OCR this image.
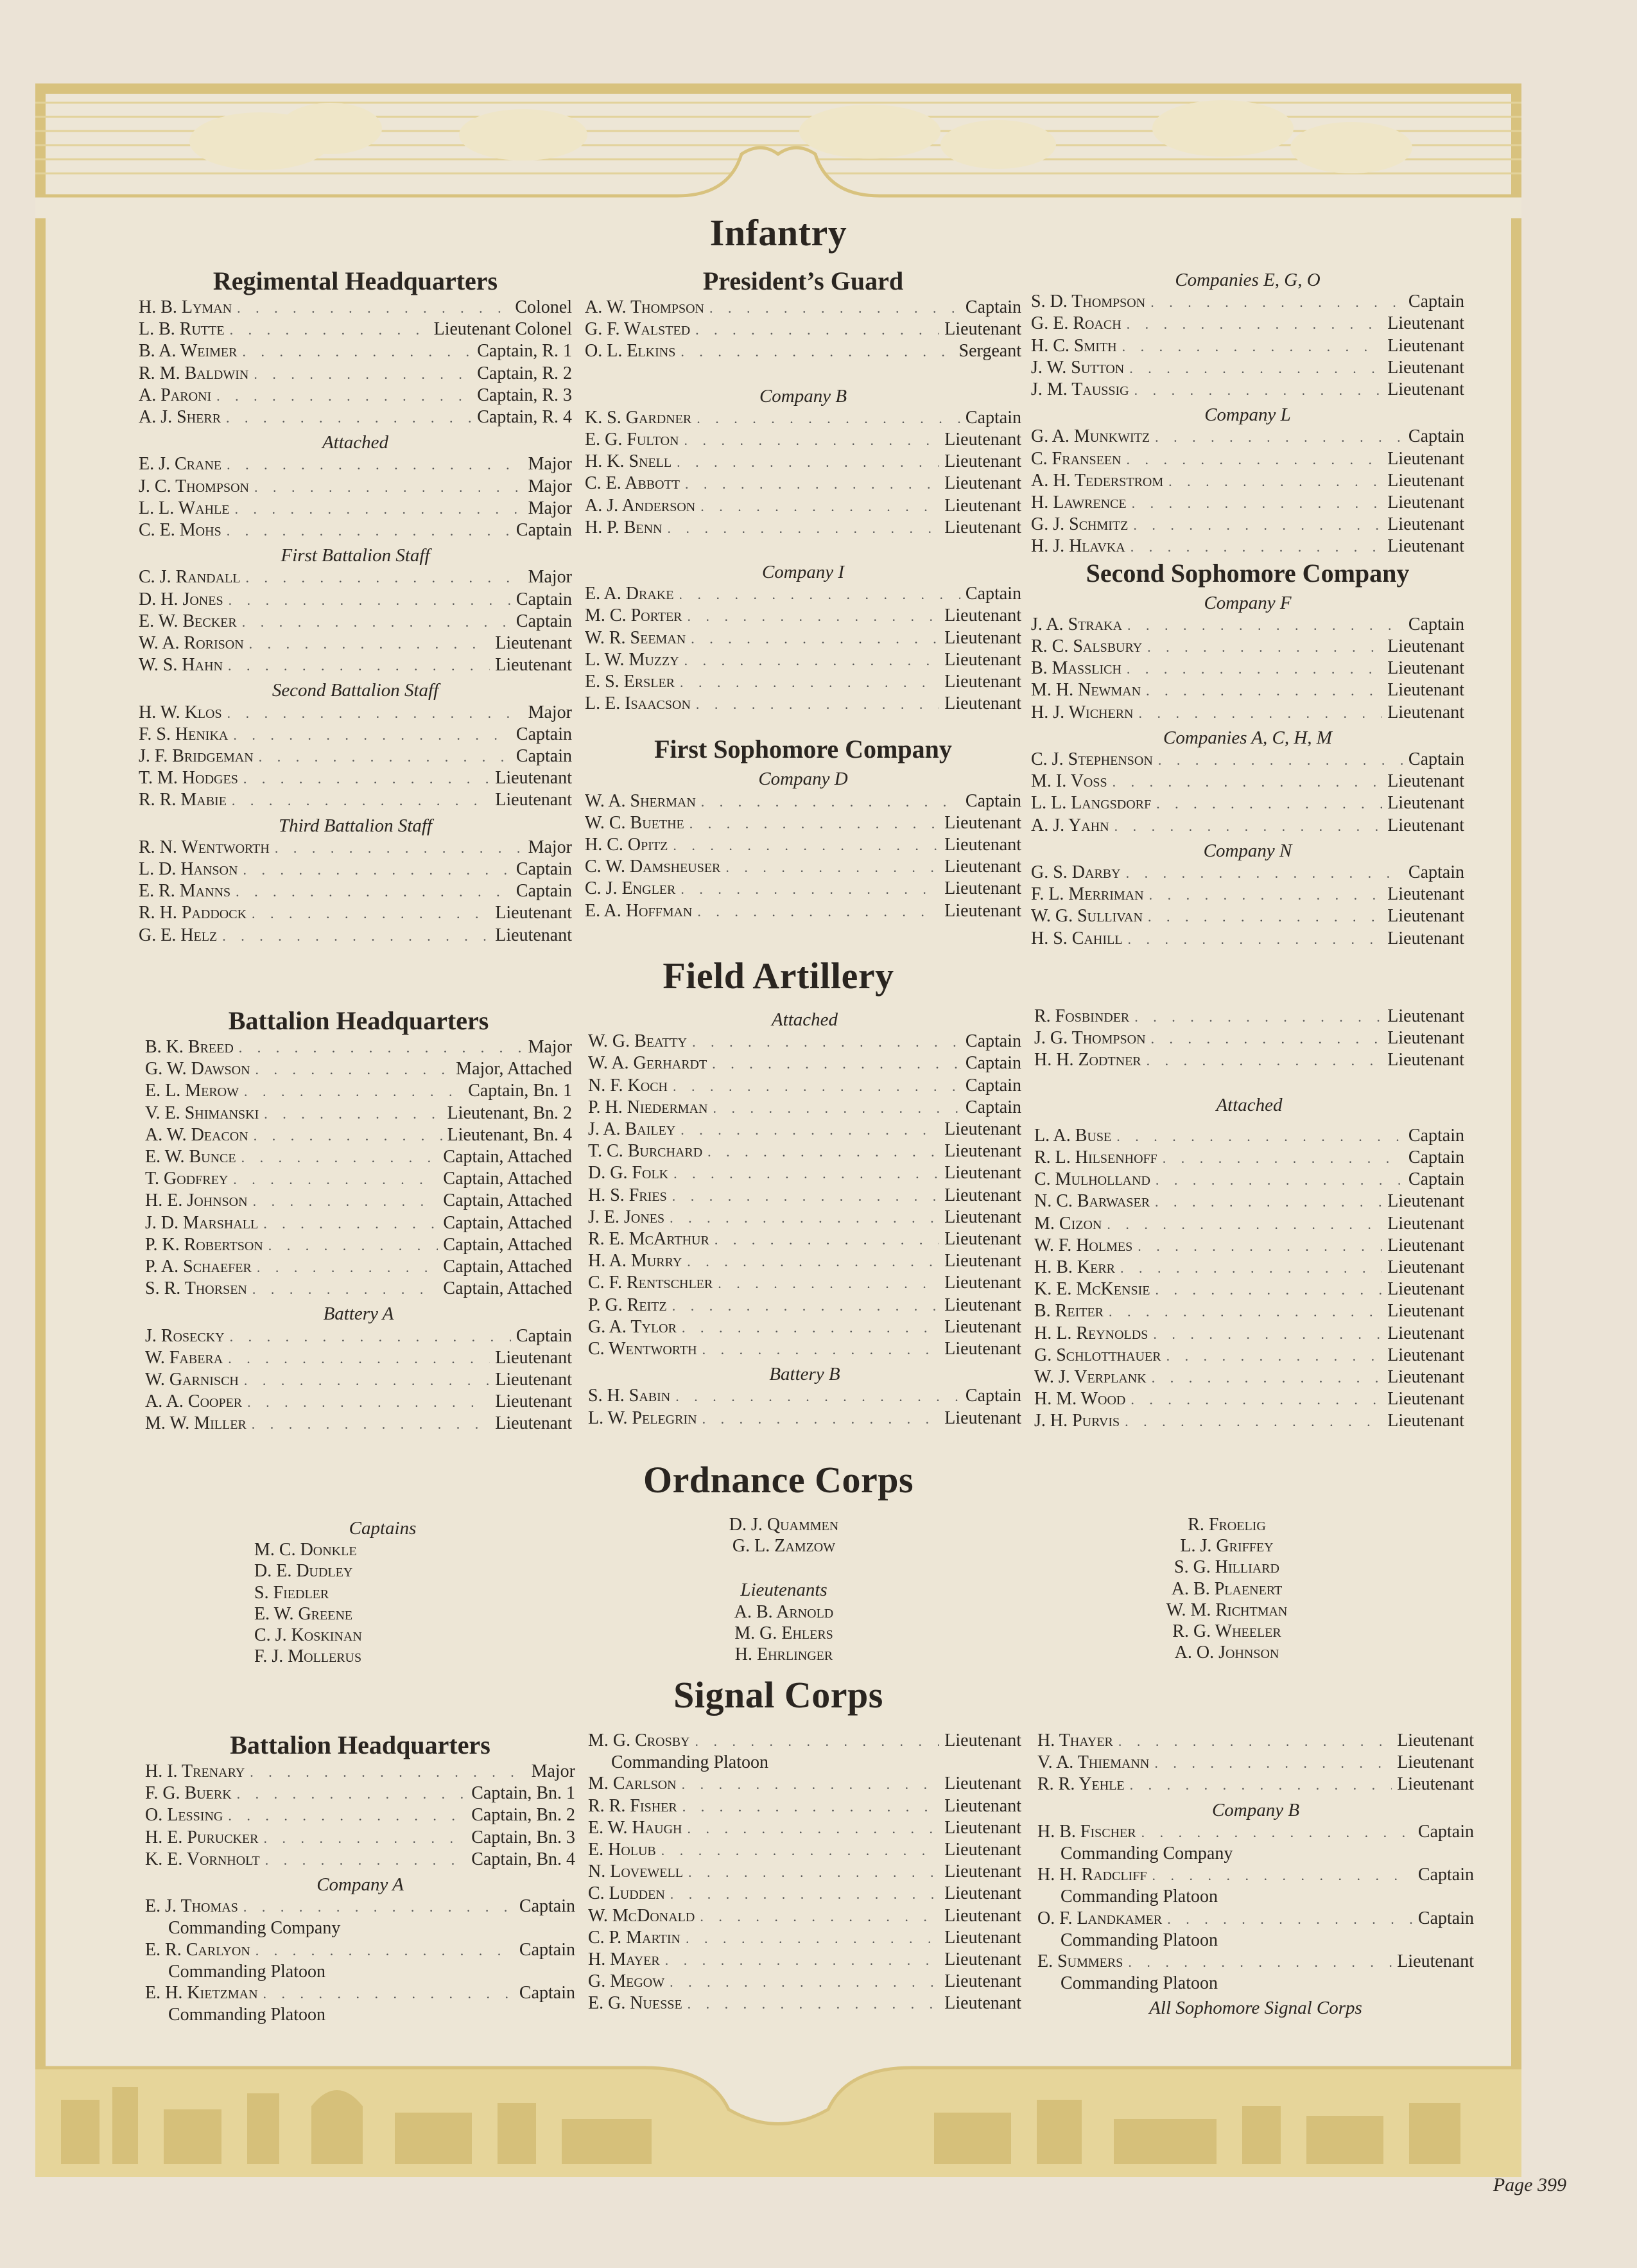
Infantry
Regimental Headquarters
H. B. Lyman . . .	Colonel
L. B. Rutte . . .	Lieutenant Colonel
B. A. Weimer . . .	Captain, R. 1
R. M. Baldwin . . .	Captain, R. 2
A. Paroni . . .	Captain, R. 3
A. J. Sherr . . .	Captain, R. 4
Attached
E. J. Crane . . .	Major
J. C. Thompson . . .	Major
L. L. Wahle . . .	Major
C. E. Mohs . . .	Captain
First Battalion Staff
C. J. Randall . . .	Major
D. H. Jones . . .	Captain
E. W. Becker . . .	Captain
W. A. Rorison . . .	Lieutenant
W. S. Hahn . . .	Lieutenant
Second Battalion Staff
H. W. Klos . . .	Major
F. S. Henika . . .	Captain
J. F. Bridgeman . . .	Captain
T. M. Hodges . . .	Lieutenant
R. R. Mabie . . .	Lieutenant
Third Battalion Staff
R. N. Wentworth . . .	Major
L. D. Hanson . . .	Captain
E. R. Manns . . .	Captain
R. H. Paddock . . .	Lieutenant
G. E. Helz . . .	Lieutenant
President’s Guard
A. W. Thompson . . .	Captain
G. F. Walsted . . .	Lieutenant
O. L. Elkins . . .	Sergeant
Company B
K. S. Gardner . . .	Captain
E. G. Fulton . . .	Lieutenant
H. K. Snell . . .	Lieutenant
C. E. Abbott . . .	Lieutenant
A. J. Anderson . . .	Lieutenant
H. P. Benn . . .	Lieutenant
Company I
E. A. Drake . . .	Captain
M. C. Porter . . .	Lieutenant
W. R. Seeman . . .	Lieutenant
L. W. Muzzy . . .	Lieutenant
E. S. Ersler . . .	Lieutenant
L. E. Isaacson . . .	Lieutenant
First Sophomore Company
Company D
W. A. Sherman . . .	Captain
W. C. Buethe . . .	Lieutenant
H. C. Opitz . . .	Lieutenant
C. W. Damsheuser . . .	Lieutenant
C. J. Engler . . .	Lieutenant
E. A. Hoffman . . .	Lieutenant
Companies E, G, O
S. D. Thompson . . .	Captain
G. E. Roach . . .	Lieutenant
H. C. Smith . . .	Lieutenant
J. W. Sutton . . .	Lieutenant
J. M. Taussig . . .	Lieutenant
Company L
G. A. Munkwitz . . .	Captain
C. Franseen . . .	Lieutenant
A. H. Tederstrom . . .	Lieutenant
H. Lawrence . . .	Lieutenant
G. J. Schmitz . . .	Lieutenant
H. J. Hlavka . . .	Lieutenant
Second Sophomore Company
Company F
J. A. Straka . . .	Captain
R. C. Salsbury . . .	Lieutenant
B. Masslich . . .	Lieutenant
M. H. Newman . . .	Lieutenant
H. J. Wichern . . .	Lieutenant
Companies A, C, H, M
C. J. Stephenson . . .	Captain
M. I. Voss . . .	Lieutenant
L. L. Langsdorf . . .	Lieutenant
A. J. Yahn . . .	Lieutenant
Company N
G. S. Darby . . .	Captain
F. L. Merriman . . .	Lieutenant
W. G. Sullivan . . .	Lieutenant
H. S. Cahill . . .	Lieutenant
Field Artillery
Battalion Headquarters
B. K. Breed . . .	Major
G. W. Dawson . . .	Major, Attached
E. L. Merow . . .	Captain, Bn. 1
V. E. Shimanski . . .	Lieutenant, Bn. 2
A. W. Deacon . . .	Lieutenant, Bn. 4
E. W. Bunce . . .	Captain, Attached
T. Godfrey . . .	Captain, Attached
H. E. Johnson . . .	Captain, Attached
J. D. Marshall . . .	Captain, Attached
P. K. Robertson . . .	Captain, Attached
P. A. Schaefer . . .	Captain, Attached
S. R. Thorsen . . .	Captain, Attached
Battery A
J. Rosecky . . .	Captain
W. Fabera . . .	Lieutenant
W. Garnisch . . .	Lieutenant
A. A. Cooper . . .	Lieutenant
M. W. Miller . . .	Lieutenant
Attached
W. G. Beatty . . .	Captain
W. A. Gerhardt . . .	Captain
N. F. Koch . . .	Captain
P. H. Niederman . . .	Captain
J. A. Bailey . . .	Lieutenant
T. C. Burchard . . .	Lieutenant
D. G. Folk . . .	Lieutenant
H. S. Fries . . .	Lieutenant
J. E. Jones . . .	Lieutenant
R. E. McArthur . . .	Lieutenant
H. A. Murry . . .	Lieutenant
C. F. Rentschler . . .	Lieutenant
P. G. Reitz . . .	Lieutenant
G. A. Tylor . . .	Lieutenant
C. Wentworth . . .	Lieutenant
Battery B
S. H. Sabin . . .	Captain
L. W. Pelegrin . . .	Lieutenant
R. Fosbinder . . .	Lieutenant
J. G. Thompson . . .	Lieutenant
H. H. Zodtner . . .	Lieutenant
Attached
L. A. Buse . . .	Captain
R. L. Hilsenhoff . . .	Captain
C. Mulholland . . .	Captain
N. C. Barwaser . . .	Lieutenant
M. Cizon . . .	Lieutenant
W. F. Holmes . . .	Lieutenant
H. B. Kerr . . .	Lieutenant
K. E. McKensie . . .	Lieutenant
B. Reiter . . .	Lieutenant
H. L. Reynolds . . .	Lieutenant
G. Schlotthauer . . .	Lieutenant
W. J. Verplank . . .	Lieutenant
H. M. Wood . . .	Lieutenant
J. H. Purvis . . .	Lieutenant
Ordnance Corps
Captains
M. C. Donkle
D. E. Dudley
S. Fiedler
E. W. Greene
C. J. Koskinan
F. J. Mollerus
D. J. Quammen
G. L. Zamzow
Lieutenants
A. B. Arnold
M. G. Ehlers
H. Ehrlinger
R. Froelig
L. J. Griffey
S. G. Hilliard
A. B. Plaenert
W. M. Richtman
R. G. Wheeler
A. O. Johnson
Signal Corps
Battalion Headquarters
H. I. Trenary . . .	Major
F. G. Buerk . . .	Captain, Bn. 1
O. Lessing . . .	Captain, Bn. 2
H. E. Purucker . . .	Captain, Bn. 3
K. E. Vornholt . . .	Captain, Bn. 4
Company A
E. J. Thomas . . .	Captain
Commanding Company
E. R. Carlyon . . .	Captain
Commanding Platoon
E. H. Kietzman . . .	Captain
Commanding Platoon
M. G. Crosby . . .	Lieutenant
Commanding Platoon
M. Carlson . . .	Lieutenant
R. R. Fisher . . .	Lieutenant
E. W. Haugh . . .	Lieutenant
E. Holub . . .	Lieutenant
N. Lovewell . . .	Lieutenant
C. Ludden . . .	Lieutenant
W. McDonald . . .	Lieutenant
C. P. Martin . . .	Lieutenant
H. Mayer . . .	Lieutenant
G. Megow . . .	Lieutenant
E. G. Nuesse . . .	Lieutenant
H. Thayer . . .	Lieutenant
V. A. Thiemann . . .	Lieutenant
R. R. Yehle . . .	Lieutenant
Company B
H. B. Fischer . . .	Captain
Commanding Company
H. H. Radcliff . . .	Captain
Commanding Platoon
O. F. Landkamer . . .	Captain
Commanding Platoon
E. Summers . . .	Lieutenant
Commanding Platoon
All Sophomore Signal Corps
Page 399
